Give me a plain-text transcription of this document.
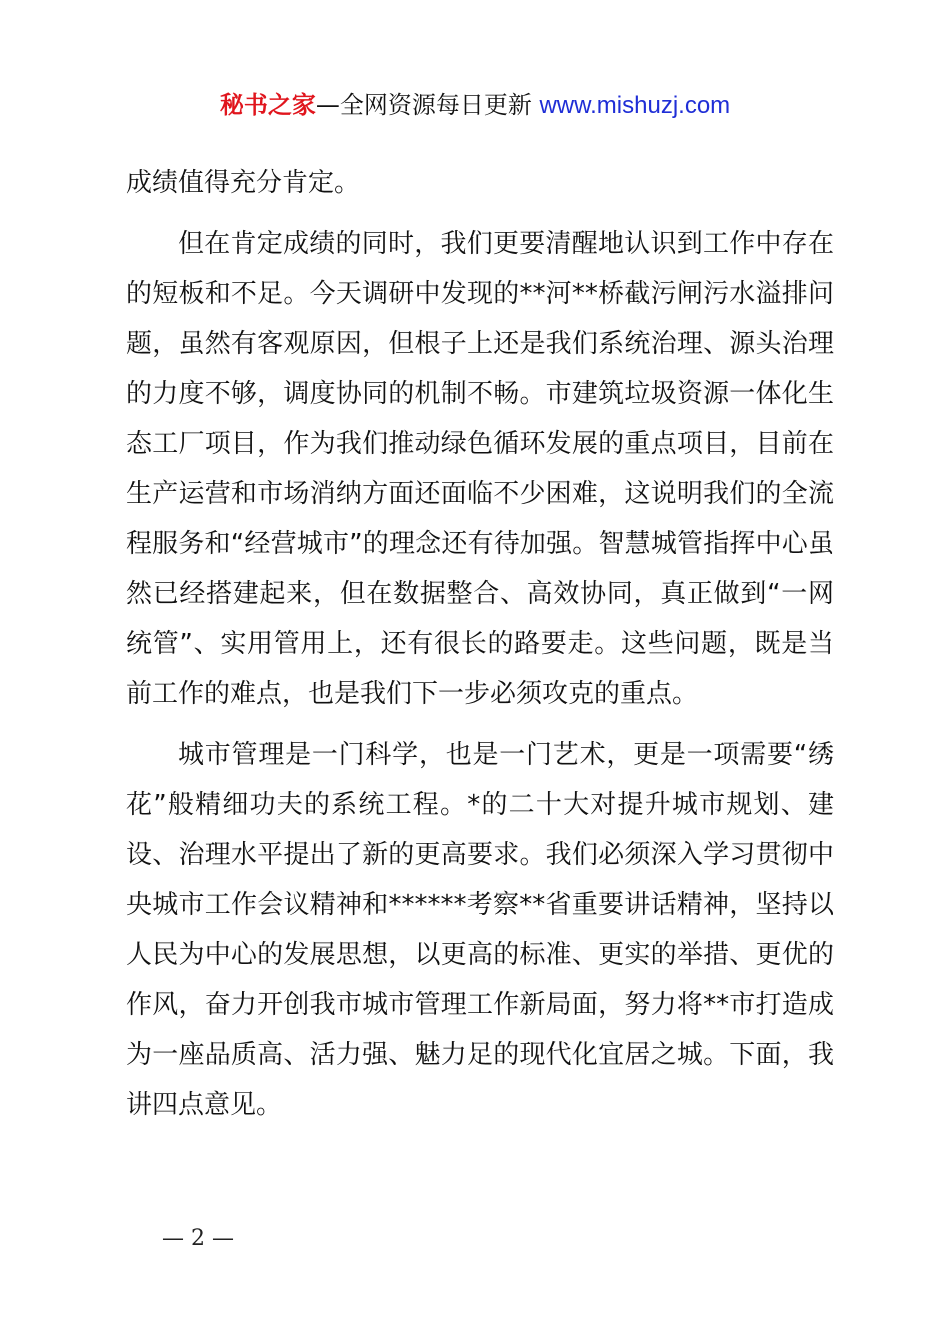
秘书之家—全网资源每日更新 www.mishuzj.com

成绩值得充分肯定。

但在肯定成绩的同时，我们更要清醒地认识到工作中存在的短板和不足。今天调研中发现的**河**桥截污闸污水溢排问题，虽然有客观原因，但根子上还是我们系统治理、源头治理的力度不够，调度协同的机制不畅。市建筑垃圾资源一体化生态工厂项目，作为我们推动绿色循环发展的重点项目，目前在生产运营和市场消纳方面还面临不少困难，这说明我们的全流程服务和“经营城市”的理念还有待加强。智慧城管指挥中心虽然已经搭建起来，但在数据整合、高效协同，真正做到“一网统管”、实用管用上，还有很长的路要走。这些问题，既是当前工作的难点，也是我们下一步必须攻克的重点。

城市管理是一门科学，也是一门艺术，更是一项需要“绣花”般精细功夫的系统工程。*的二十大对提升城市规划、建设、治理水平提出了新的更高要求。我们必须深入学习贯彻中央城市工作会议精神和******考察**省重要讲话精神，坚持以人民为中心的发展思想，以更高的标准、更实的举措、更优的作风，奋力开创我市城市管理工作新局面，努力将**市打造成为一座品质高、活力强、魅力足的现代化宜居之城。下面，我讲四点意见。

— 2 —
